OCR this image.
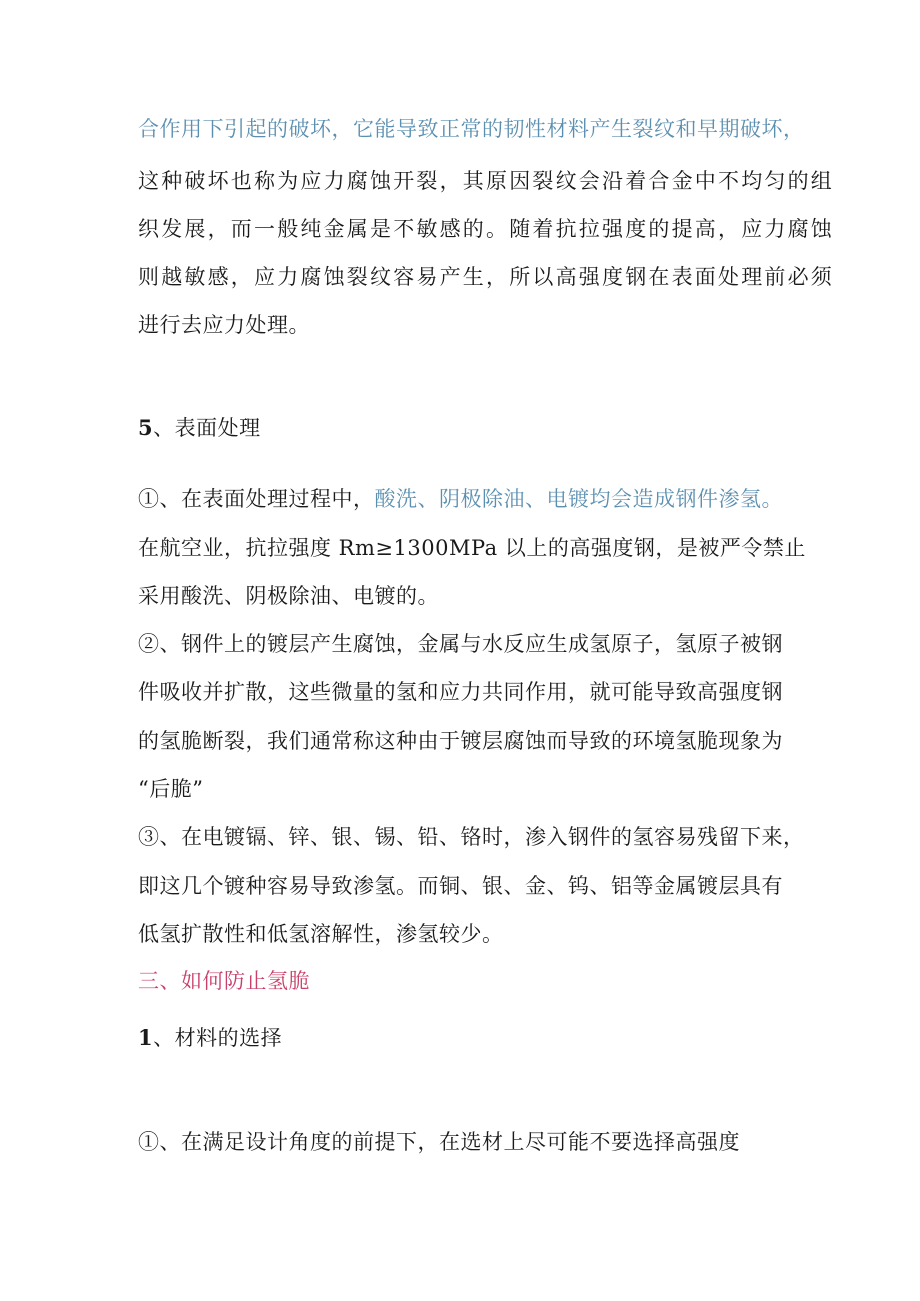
合作用下引起的破坏，它能导致正常的韧性材料产生裂纹和早期破坏，
这种破坏也称为应力腐蚀开裂，其原因裂纹会沿着合金中不均匀的组
织发展，而一般纯金属是不敏感的。随着抗拉强度的提高，应力腐蚀
则越敏感，应力腐蚀裂纹容易产生，所以高强度钢在表面处理前必须
进行去应力处理。
5、表面处理
①、在表面处理过程中，酸洗、阴极除油、电镀均会造成钢件渗氢。
在航空业，抗拉强度 Rm≥1300MPa 以上的高强度钢，是被严令禁止
采用酸洗、阴极除油、电镀的。
②、钢件上的镀层产生腐蚀，金属与水反应生成氢原子，氢原子被钢
件吸收并扩散，这些微量的氢和应力共同作用，就可能导致高强度钢
的氢脆断裂，我们通常称这种由于镀层腐蚀而导致的环境氢脆现象为
“后脆”
③、在电镀镉、锌、银、锡、铅、铬时，渗入钢件的氢容易残留下来，
即这几个镀种容易导致渗氢。而铜、银、金、钨、铝等金属镀层具有
低氢扩散性和低氢溶解性，渗氢较少。
三、如何防止氢脆
1、材料的选择
①、在满足设计角度的前提下，在选材上尽可能不要选择高强度
